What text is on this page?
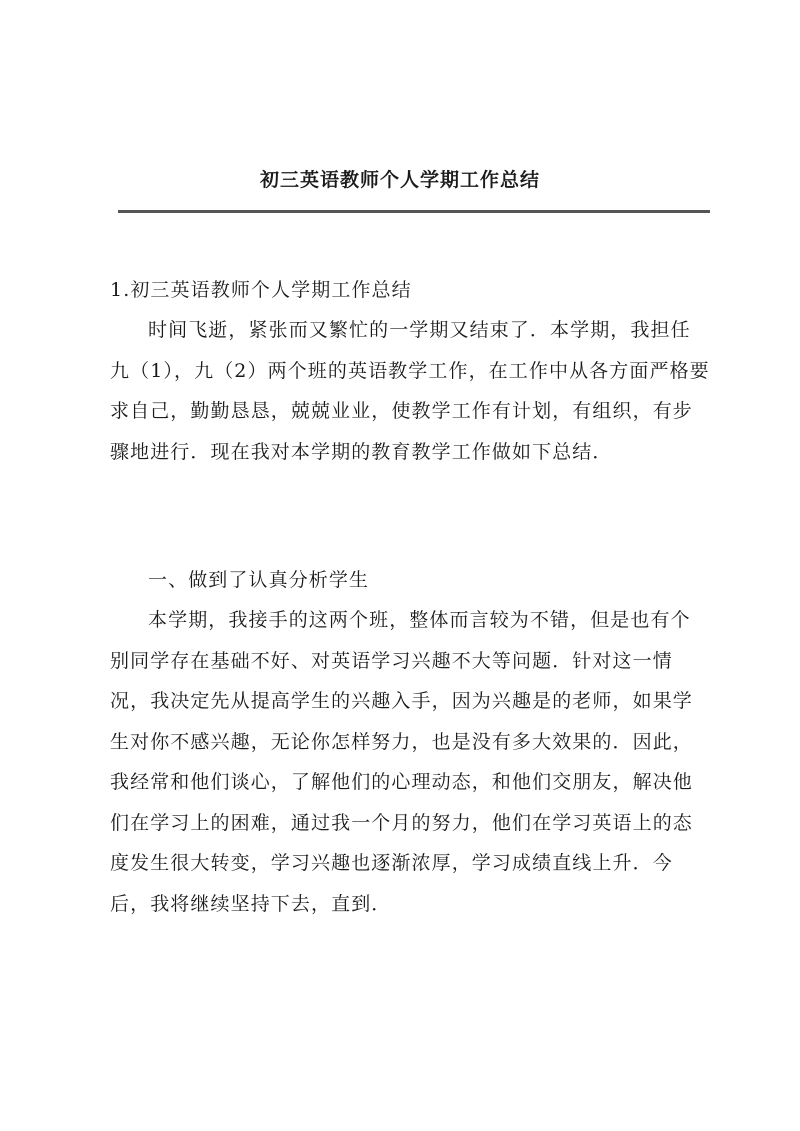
初三英语教师个人学期工作总结

1.初三英语教师个人学期工作总结

时间飞逝，紧张而又繁忙的一学期又结束了．本学期，我担任九（1），九（2）两个班的英语教学工作，在工作中从各方面严格要求自己，勤勤恳恳，兢兢业业，使教学工作有计划，有组织，有步骤地进行．现在我对本学期的教育教学工作做如下总结．

一、做到了认真分析学生

本学期，我接手的这两个班，整体而言较为不错，但是也有个别同学存在基础不好、对英语学习兴趣不大等问题．针对这一情况，我决定先从提高学生的兴趣入手，因为兴趣是的老师，如果学生对你不感兴趣，无论你怎样努力，也是没有多大效果的．因此，我经常和他们谈心，了解他们的心理动态，和他们交朋友，解决他们在学习上的困难，通过我一个月的努力，他们在学习英语上的态度发生很大转变，学习兴趣也逐渐浓厚，学习成绩直线上升．今后，我将继续坚持下去，直到．
